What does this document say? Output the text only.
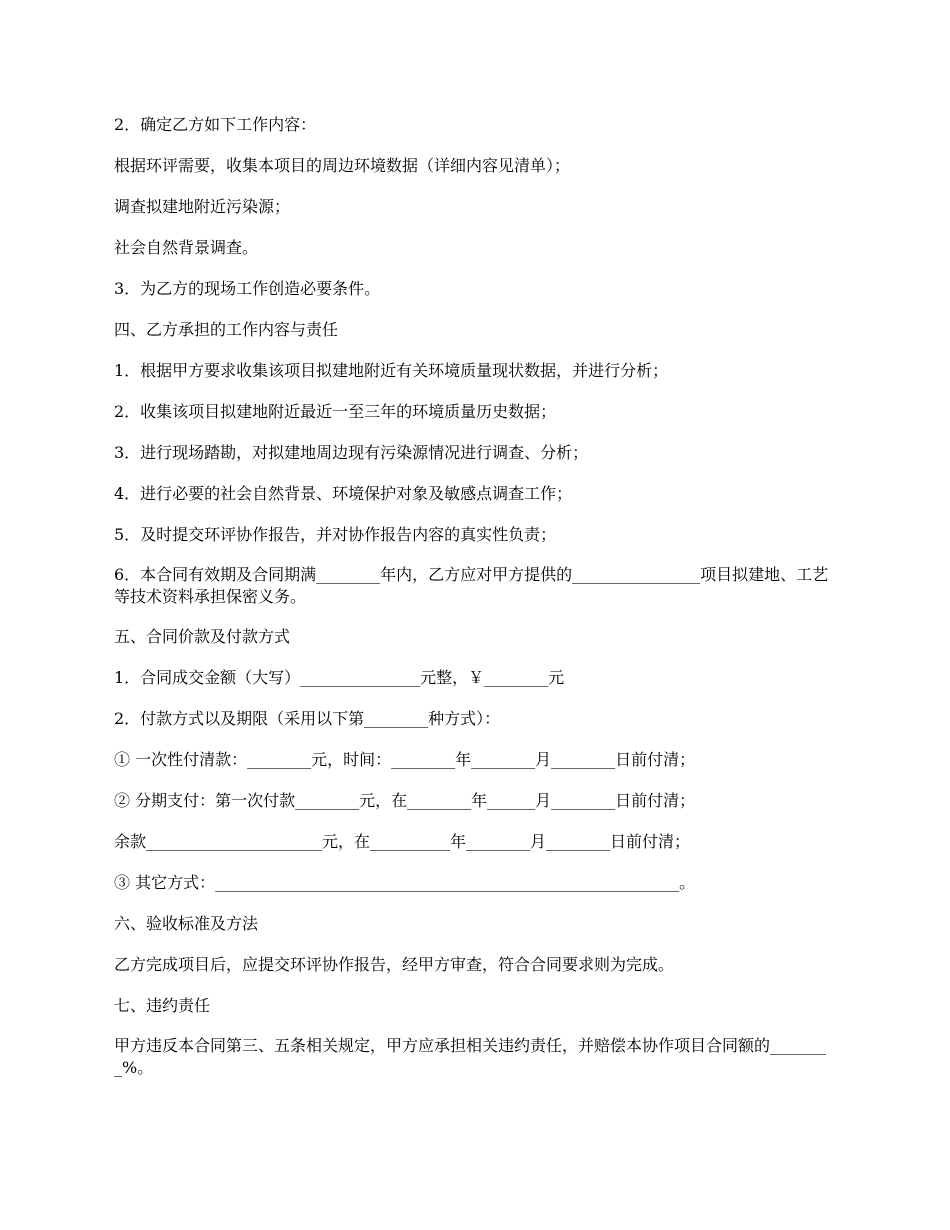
2．确定乙方如下工作内容：

根据环评需要，收集本项目的周边环境数据（详细内容见清单）；

调查拟建地附近污染源；

社会自然背景调查。

3．为乙方的现场工作创造必要条件。

四、乙方承担的工作内容与责任

1．根据甲方要求收集该项目拟建地附近有关环境质量现状数据，并进行分析；

2．收集该项目拟建地附近最近一至三年的环境质量历史数据；

3．进行现场踏勘，对拟建地周边现有污染源情况进行调查、分析；

4．进行必要的社会自然背景、环境保护对象及敏感点调查工作；

5．及时提交环评协作报告，并对协作报告内容的真实性负责；

6．本合同有效期及合同期满________年内，乙方应对甲方提供的________________项目拟建地、工艺等技术资料承担保密义务。

五、合同价款及付款方式

1．合同成交金额（大写）_______________元整，￥________元

2．付款方式以及期限（采用以下第________种方式）：

① 一次性付清款：________元，时间：________年________月________日前付清；

② 分期支付：第一次付款________元，在________年______月________日前付清；

余款______________________元，在__________年________月________日前付清；

③ 其它方式：__________________________________________________________。

六、验收标准及方法

乙方完成项目后，应提交环评协作报告，经甲方审查，符合合同要求则为完成。

七、违约责任

甲方违反本合同第三、五条相关规定，甲方应承担相关违约责任，并赔偿本协作项目合同额的________%。
